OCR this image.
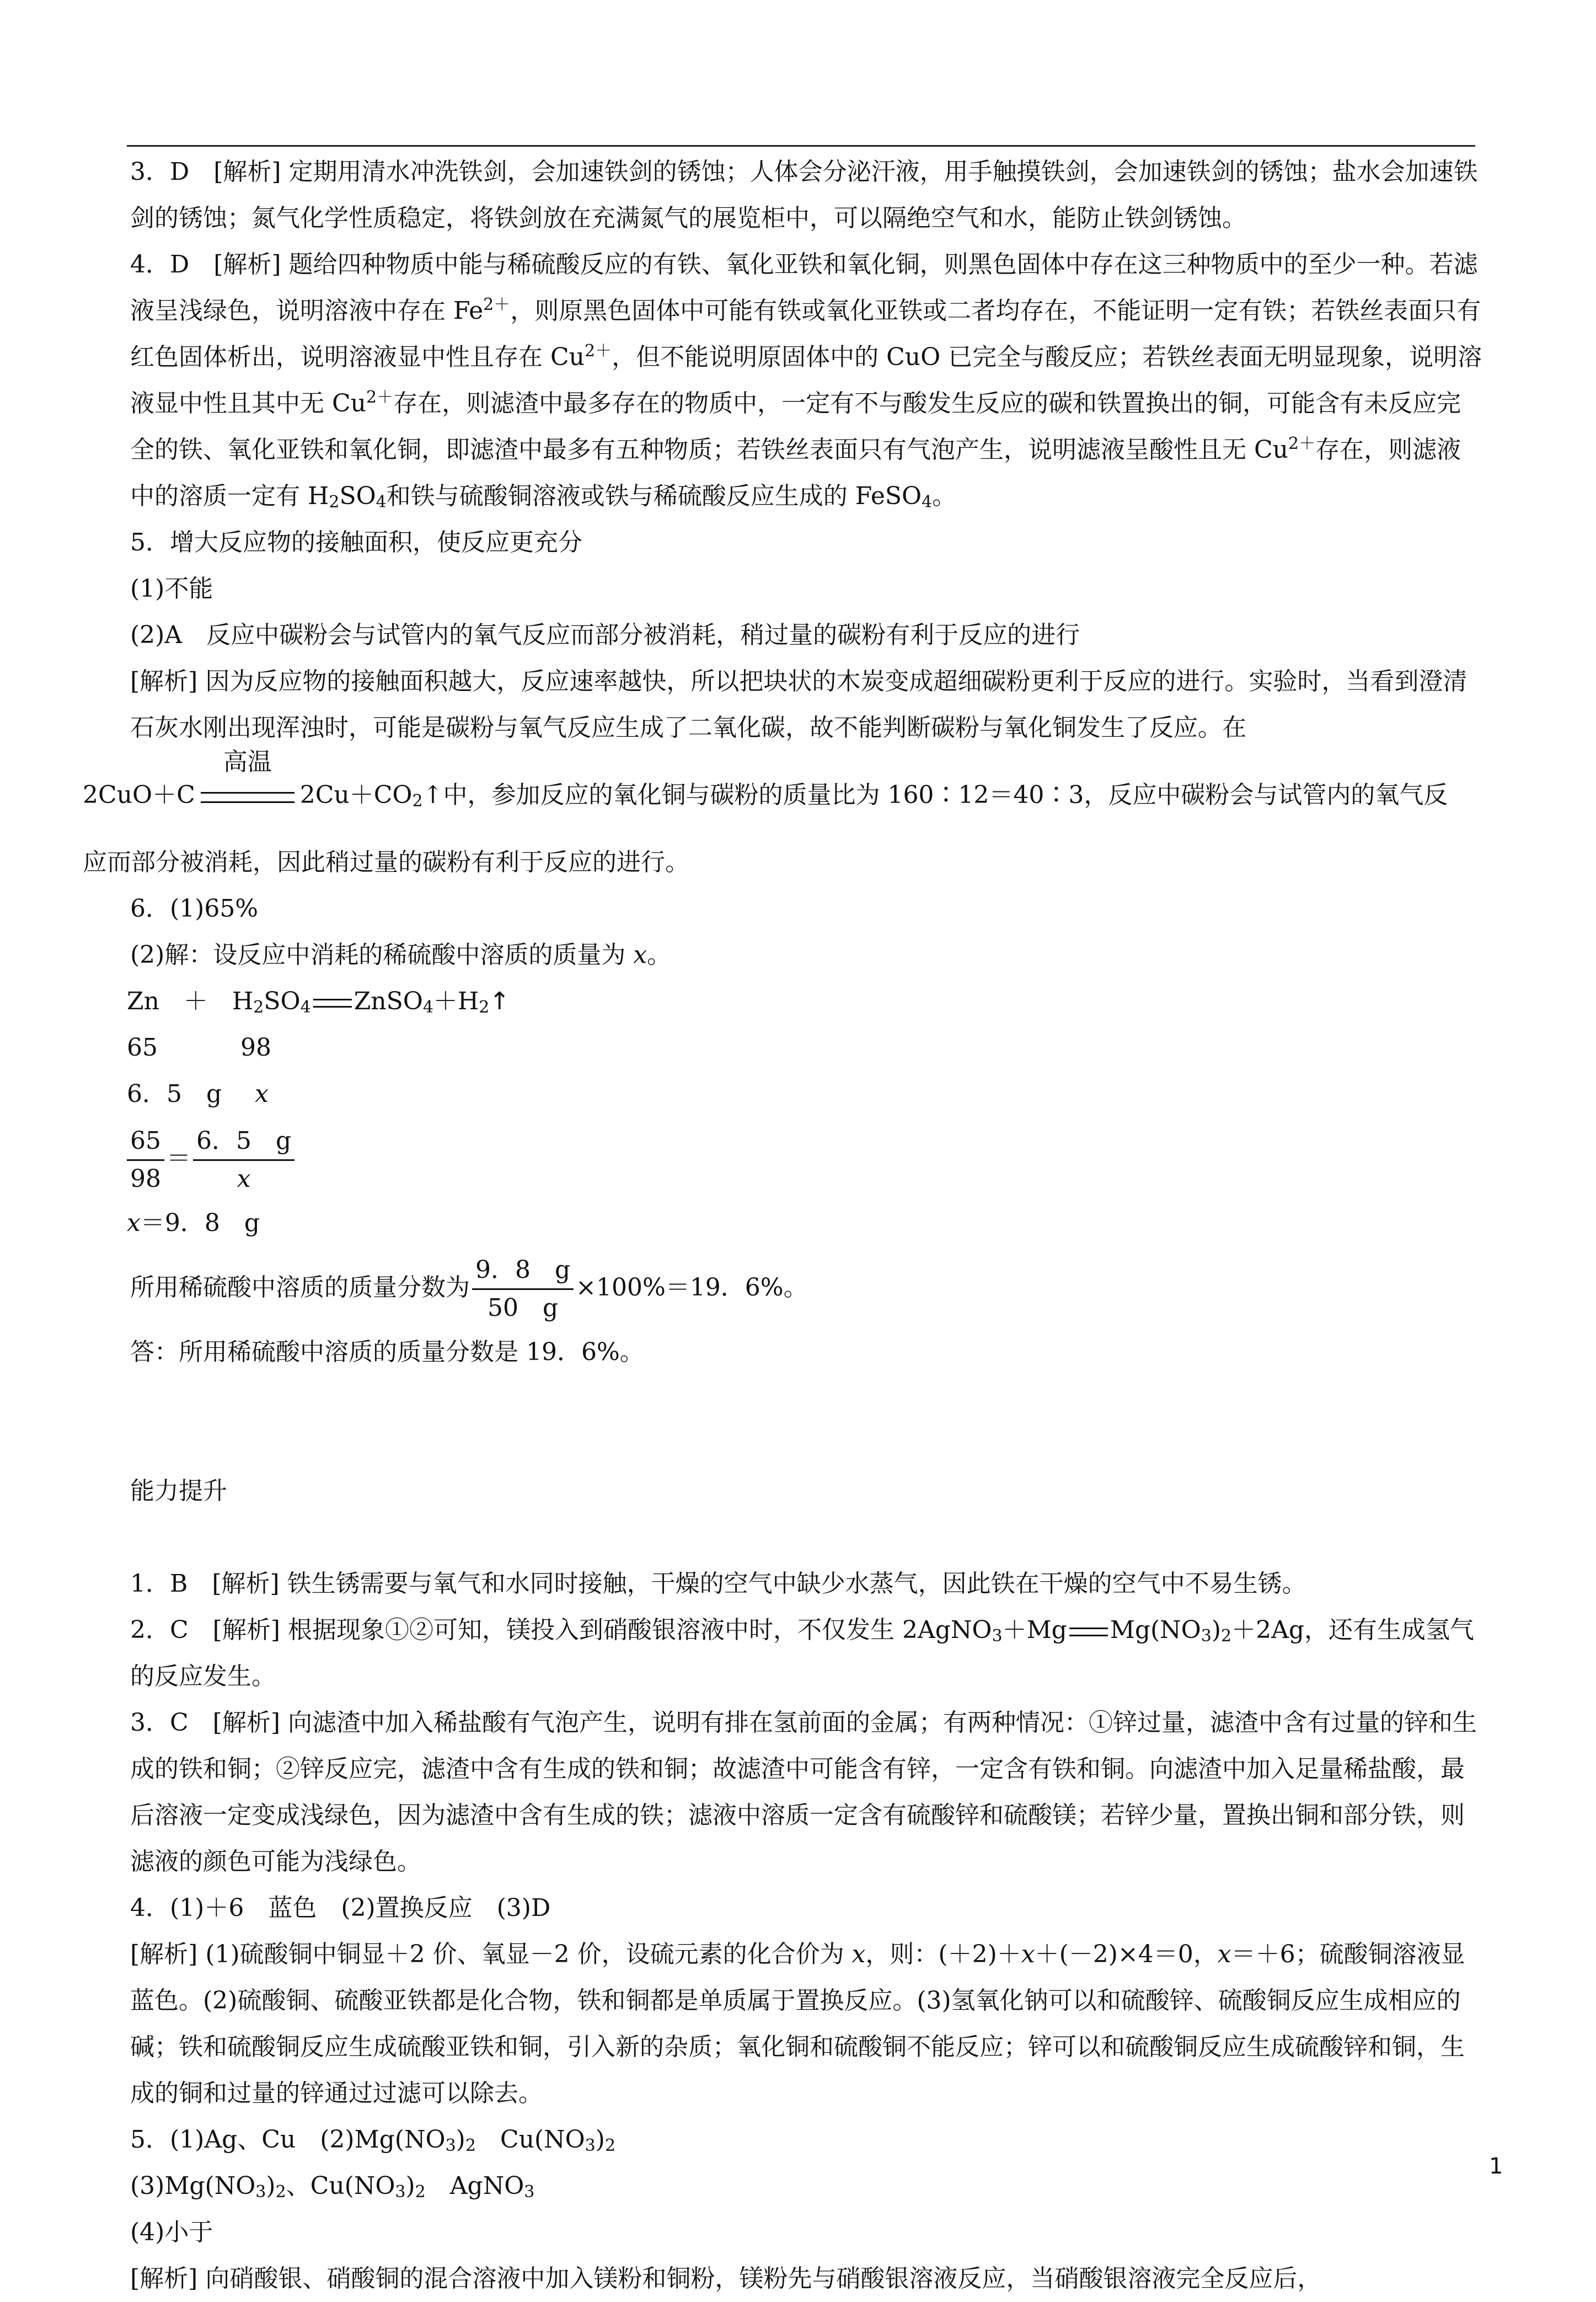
3．D　[解析] 定期用清水冲洗铁剑，会加速铁剑的锈蚀；人体会分泌汗液，用手触摸铁剑，会加速铁剑的锈蚀；盐水会加速铁剑的锈蚀；氮气化学性质稳定，将铁剑放在充满氮气的展览柜中，可以隔绝空气和水，能防止铁剑锈蚀。
4．D　[解析] 题给四种物质中能与稀硫酸反应的有铁、氧化亚铁和氧化铜，则黑色固体中存在这三种物质中的至少一种。若滤液呈浅绿色，说明溶液中存在 $Fe^{2+}$，则原黑色固体中可能有铁或氧化亚铁或二者均存在，不能证明一定有铁；若铁丝表面只有红色固体析出，说明溶液显中性且存在 $Cu^{2+}$，但不能说明原固体中的 CuO 已完全与酸反应；若铁丝表面无明显现象，说明溶液显中性且其中无 $Cu^{2+}$存在，则滤渣中最多存在的物质中，一定有不与酸发生反应的碳和铁置换出的铜，可能含有未反应完全的铁、氧化亚铁和氧化铜，即滤渣中最多有五种物质；若铁丝表面只有气泡产生，说明滤液呈酸性且无 $Cu^{2+}$存在，则滤液中的溶质一定有 $H_2SO_4$和铁与硫酸铜溶液或铁与稀硫酸反应生成的 FeSO$_4$。
5．增大反应物的接触面积，使反应更充分
(1)不能
(2)A　反应中碳粉会与试管内的氧气反应而部分被消耗，稍过量的碳粉有利于反应的进行
[解析] 因为反应物的接触面积越大，反应速率越快，所以把块状的木炭变成超细碳粉更利于反应的进行。实验时，当看到澄清石灰水刚出现浑浊时，可能是碳粉与氧气反应生成了二氧化碳，故不能判断碳粉与氧化铜发生了反应。在
2CuO＋C
高温
$2Cu+CO_2↑$中，参加反应的氧化铜与碳粉的质量比为 160∶12＝40∶3，反应中碳粉会与试管内的氧气反
应而部分被消耗，因此稍过量的碳粉有利于反应的进行。
6．(1)65%
(2)解：设反应中消耗的稀硫酸中溶质的质量为 x。
Zn　＋　$H_2SO_4$ $ZnSO_4+H_2↑$
65	98
6．5　g x
$\frac{65}{98} = \frac{6.5 g}{x}$
x＝9．8　g
所用稀硫酸中溶质的质量分数为 $\frac{9.8 g}{50 g} \times 100\%=19$．6%。
答：所用稀硫酸中溶质的质量分数是 19．6%。
能力提升
1．B　[解析] 铁生锈需要与氧气和水同时接触，干燥的空气中缺少水蒸气，因此铁在干燥的空气中不易生锈。
2．C　[解析] 根据现象①②可知，镁投入到硝酸银溶液中时，不仅发生 2AgNO$_3$＋Mg $Mg(NO_3)_2+2Ag$，还有生成氢气的反应发生。
3．C　[解析] 向滤渣中加入稀盐酸有气泡产生，说明有排在氢前面的金属；有两种情况：①锌过量，滤渣中含有过量的锌和生成的铁和铜；②锌反应完，滤渣中含有生成的铁和铜；故滤渣中可能含有锌，一定含有铁和铜。向滤渣中加入足量稀盐酸，最后溶液一定变成浅绿色，因为滤渣中含有生成的铁；滤液中溶质一定含有硫酸锌和硫酸镁；若锌少量，置换出铜和部分铁，则滤液的颜色可能为浅绿色。
4．(1)＋6　蓝色　(2)置换反应　(3)D
[解析] (1)硫酸铜中铜显＋2 价、氧显－2 价，设硫元素的化合价为 x，则：(＋2)＋x＋(－2)×4＝0，x＝＋6；硫酸铜溶液显蓝色。(2)硫酸铜、硫酸亚铁都是化合物，铁和铜都是单质属于置换反应。(3)氢氧化钠可以和硫酸锌、硫酸铜反应生成相应的碱；铁和硫酸铜反应生成硫酸亚铁和铜，引入新的杂质；氧化铜和硫酸铜不能反应；锌可以和硫酸铜反应生成硫酸锌和铜，生成的铜和过量的锌通过过滤可以除去。
5．(1)Ag、Cu　$(2)Mg(NO_3)_2$　$Cu(NO_3)_2$
$(3)Mg(NO_3)_2$、$Cu(NO_3)_2$　AgNO$_3$
(4)小于
[解析] 向硝酸银、硝酸铜的混合溶液中加入镁粉和铜粉，镁粉先与硝酸银溶液反应，当硝酸银溶液完全反应后，
1
